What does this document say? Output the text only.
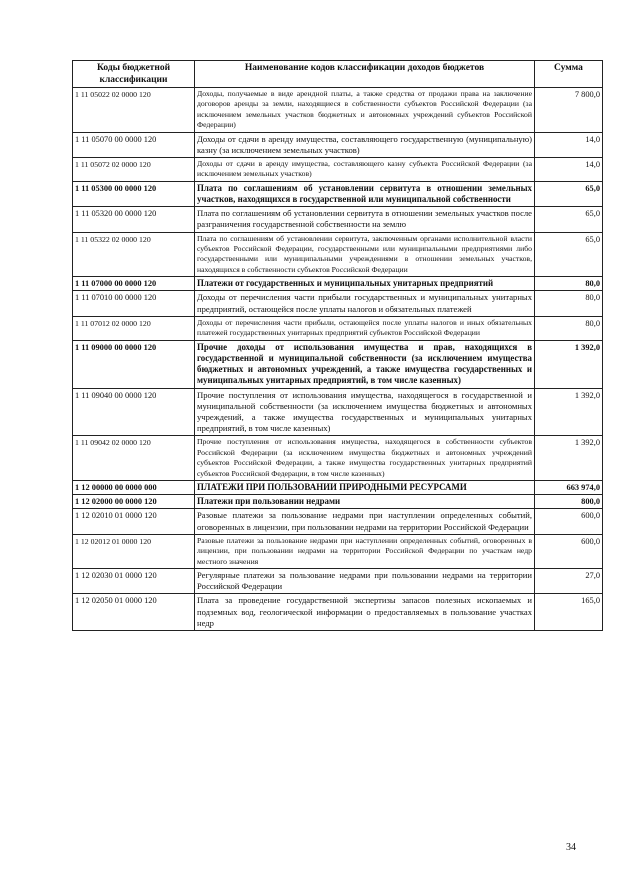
Коды бюджетной классификации	Наименование кодов классификации доходов бюджетов	Сумма
1 11 05022 02 0000 120	Доходы, получаемые в виде арендной платы, а также средства от продажи права на заключение договоров аренды за земли, находящиеся в собственности субъектов Российской Федерации (за исключением земельных участков бюджетных и автономных учреждений субъектов Российской Федерации)	7 800,0
1 11 05070 00 0000 120	Доходы от сдачи в аренду имущества, составляющего государственную (муниципальную) казну (за исключением земельных участков)	14,0
1 11 05072 02 0000 120	Доходы от сдачи в аренду имущества, составляющего казну субъекта Российской Федерации (за исключением земельных участков)	14,0
1 11 05300 00 0000 120	Плата по соглашениям об установлении сервитута в отношении земельных участков, находящихся в государственной или муниципальной собственности	65,0
1 11 05320 00 0000 120	Плата по соглашениям об установлении сервитута в отношении земельных участков после разграничения государственной собственности на землю	65,0
1 11 05322 02 0000 120	Плата по соглашениям об установлении сервитута, заключенным органами исполнительной власти субъектов Российской Федерации, государственными или муниципальными предприятиями либо государственными или муниципальными учреждениями в отношении земельных участков, находящихся в собственности субъектов Российской Федерации	65,0
1 11 07000 00 0000 120	Платежи от государственных и муниципальных унитарных предприятий	80,0
1 11 07010 00 0000 120	Доходы от перечисления части прибыли государственных и муниципальных унитарных предприятий, остающейся после уплаты налогов и обязательных платежей	80,0
1 11 07012 02 0000 120	Доходы от перечисления части прибыли, остающейся после уплаты налогов и иных обязательных платежей государственных унитарных предприятий субъектов Российской Федерации	80,0
1 11 09000 00 0000 120	Прочие доходы от использования имущества и прав, находящихся в государственной и муниципальной собственности (за исключением имущества бюджетных и автономных учреждений, а также имущества государственных и муниципальных унитарных предприятий, в том числе казенных)	1 392,0
1 11 09040 00 0000 120	Прочие поступления от использования имущества, находящегося в государственной и муниципальной собственности (за исключением имущества бюджетных и автономных учреждений, а также имущества государственных и муниципальных унитарных предприятий, в том числе казенных)	1 392,0
1 11 09042 02 0000 120	Прочие поступления от использования имущества, находящегося в собственности субъектов Российской Федерации (за исключением имущества бюджетных и автономных учреждений субъектов Российской Федерации, а также имущества государственных унитарных предприятий субъектов Российской Федерации, в том числе казенных)	1 392,0
1 12 00000 00 0000 000	ПЛАТЕЖИ ПРИ ПОЛЬЗОВАНИИ ПРИРОДНЫМИ РЕСУРСАМИ	663 974,0
1 12 02000 00 0000 120	Платежи при пользовании недрами	800,0
1 12 02010 01 0000 120	Разовые платежи за пользование недрами при наступлении определенных событий, оговоренных в лицензии, при пользовании недрами на территории Российской Федерации	600,0
1 12 02012 01 0000 120	Разовые платежи за пользование недрами при наступлении определенных событий, оговоренных в лицензии, при пользовании недрами на территории Российской Федерации по участкам недр местного значения	600,0
1 12 02030 01 0000 120	Регулярные платежи за пользование недрами при пользовании недрами на территории Российской Федерации	27,0
1 12 02050 01 0000 120	Плата за проведение государственной экспертизы запасов полезных ископаемых и подземных вод, геологической информации о предоставляемых в пользование участках недр	165,0
34
